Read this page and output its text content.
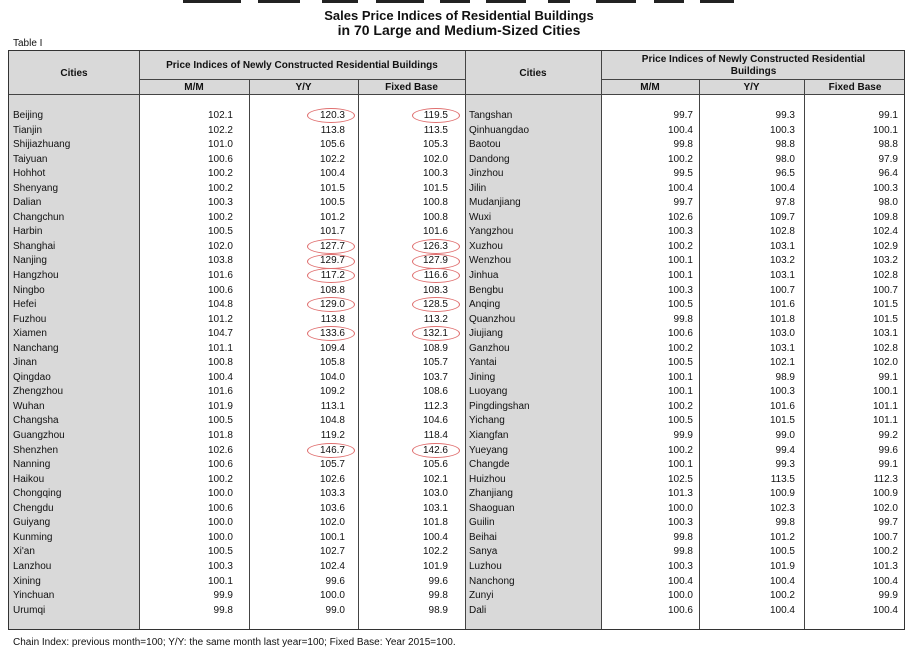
Sales Price Indices of Residential Buildings
in 70 Large and Medium-Sized Cities
Table I
Cities
Price Indices of Newly Constructed Residential Buildings
M/M	Y/Y	Fixed Base
Cities
Price Indices of Newly Constructed Residential Buildings
M/M	Y/Y	Fixed Base
Beijing	102.1	120.3	119.5
Tianjin	102.2	113.8	113.5
Shijiazhuang	101.0	105.6	105.3
Taiyuan	100.6	102.2	102.0
Hohhot	100.2	100.4	100.3
Shenyang	100.2	101.5	101.5
Dalian	100.3	100.5	100.8
Changchun	100.2	101.2	100.8
Harbin	100.5	101.7	101.6
Shanghai	102.0	127.7	126.3
Nanjing	103.8	129.7	127.9
Hangzhou	101.6	117.2	116.6
Ningbo	100.6	108.8	108.3
Hefei	104.8	129.0	128.5
Fuzhou	101.2	113.8	113.2
Xiamen	104.7	133.6	132.1
Nanchang	101.1	109.4	108.9
Jinan	100.8	105.8	105.7
Qingdao	100.4	104.0	103.7
Zhengzhou	101.6	109.2	108.6
Wuhan	101.9	113.1	112.3
Changsha	100.5	104.8	104.6
Guangzhou	101.8	119.2	118.4
Shenzhen	102.6	146.7	142.6
Nanning	100.6	105.7	105.6
Haikou	100.2	102.6	102.1
Chongqing	100.0	103.3	103.0
Chengdu	100.6	103.6	103.1
Guiyang	100.0	102.0	101.8
Kunming	100.0	100.1	100.4
Xi'an	100.5	102.7	102.2
Lanzhou	100.3	102.4	101.9
Xining	100.1	99.6	99.6
Yinchuan	99.9	100.0	99.8
Urumqi	99.8	99.0	98.9
Tangshan	99.7	99.3	99.1
Qinhuangdao	100.4	100.3	100.1
Baotou	99.8	98.8	98.8
Dandong	100.2	98.0	97.9
Jinzhou	99.5	96.5	96.4
Jilin	100.4	100.4	100.3
Mudanjiang	99.7	97.8	98.0
Wuxi	102.6	109.7	109.8
Yangzhou	100.3	102.8	102.4
Xuzhou	100.2	103.1	102.9
Wenzhou	100.1	103.2	103.2
Jinhua	100.1	103.1	102.8
Bengbu	100.3	100.7	100.7
Anqing	100.5	101.6	101.5
Quanzhou	99.8	101.8	101.5
Jiujiang	100.6	103.0	103.1
Ganzhou	100.2	103.1	102.8
Yantai	100.5	102.1	102.0
Jining	100.1	98.9	99.1
Luoyang	100.1	100.3	100.1
Pingdingshan	100.2	101.6	101.1
Yichang	100.5	101.5	101.1
Xiangfan	99.9	99.0	99.2
Yueyang	100.2	99.4	99.6
Changde	100.1	99.3	99.1
Huizhou	102.5	113.5	112.3
Zhanjiang	101.3	100.9	100.9
Shaoguan	100.0	102.3	102.0
Guilin	100.3	99.8	99.7
Beihai	99.8	101.2	100.7
Sanya	99.8	100.5	100.2
Luzhou	100.3	101.9	101.3
Nanchong	100.4	100.4	100.4
Zunyi	100.0	100.2	99.9
Dali	100.6	100.4	100.4
Chain Index: previous month=100; Y/Y: the same month last year=100; Fixed Base: Year 2015=100.
